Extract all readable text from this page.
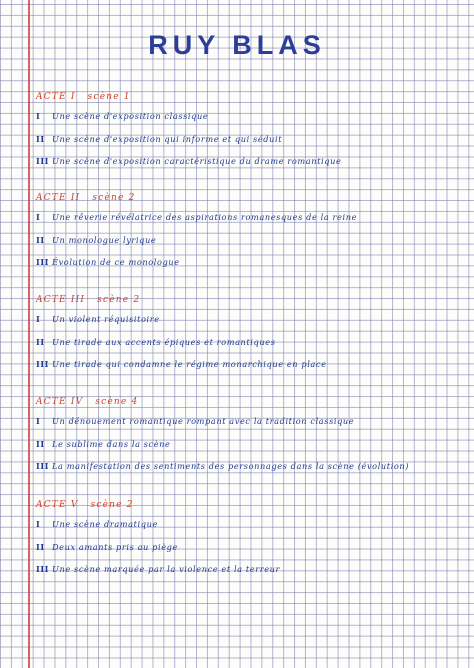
RUY BLAS
ACTE I scène 1
I Une scène d'exposition classique
II Une scène d'exposition qui informe et qui séduit
III Une scène d'exposition caractéristique du drame romantique
ACTE II scène 2
I Une rêverie révélatrice des aspirations romanesques de la reine
II Un monologue lyrique
III Évolution de ce monologue
ACTE III scène 2
I Un violent réquisitoire
II Une tirade aux accents épiques et romantiques
III Une tirade qui condamne le régime monarchique en place
ACTE IV scène 4
I Un dénouement romantique rompant avec la tradition classique
II Le sublime dans la scène
III La manifestation des sentiments des personnages dans la scène (évolution)
ACTE V scène 2
I Une scène dramatique
II Deux amants pris au piège
III Une scène marquée par la violence et la terreur
